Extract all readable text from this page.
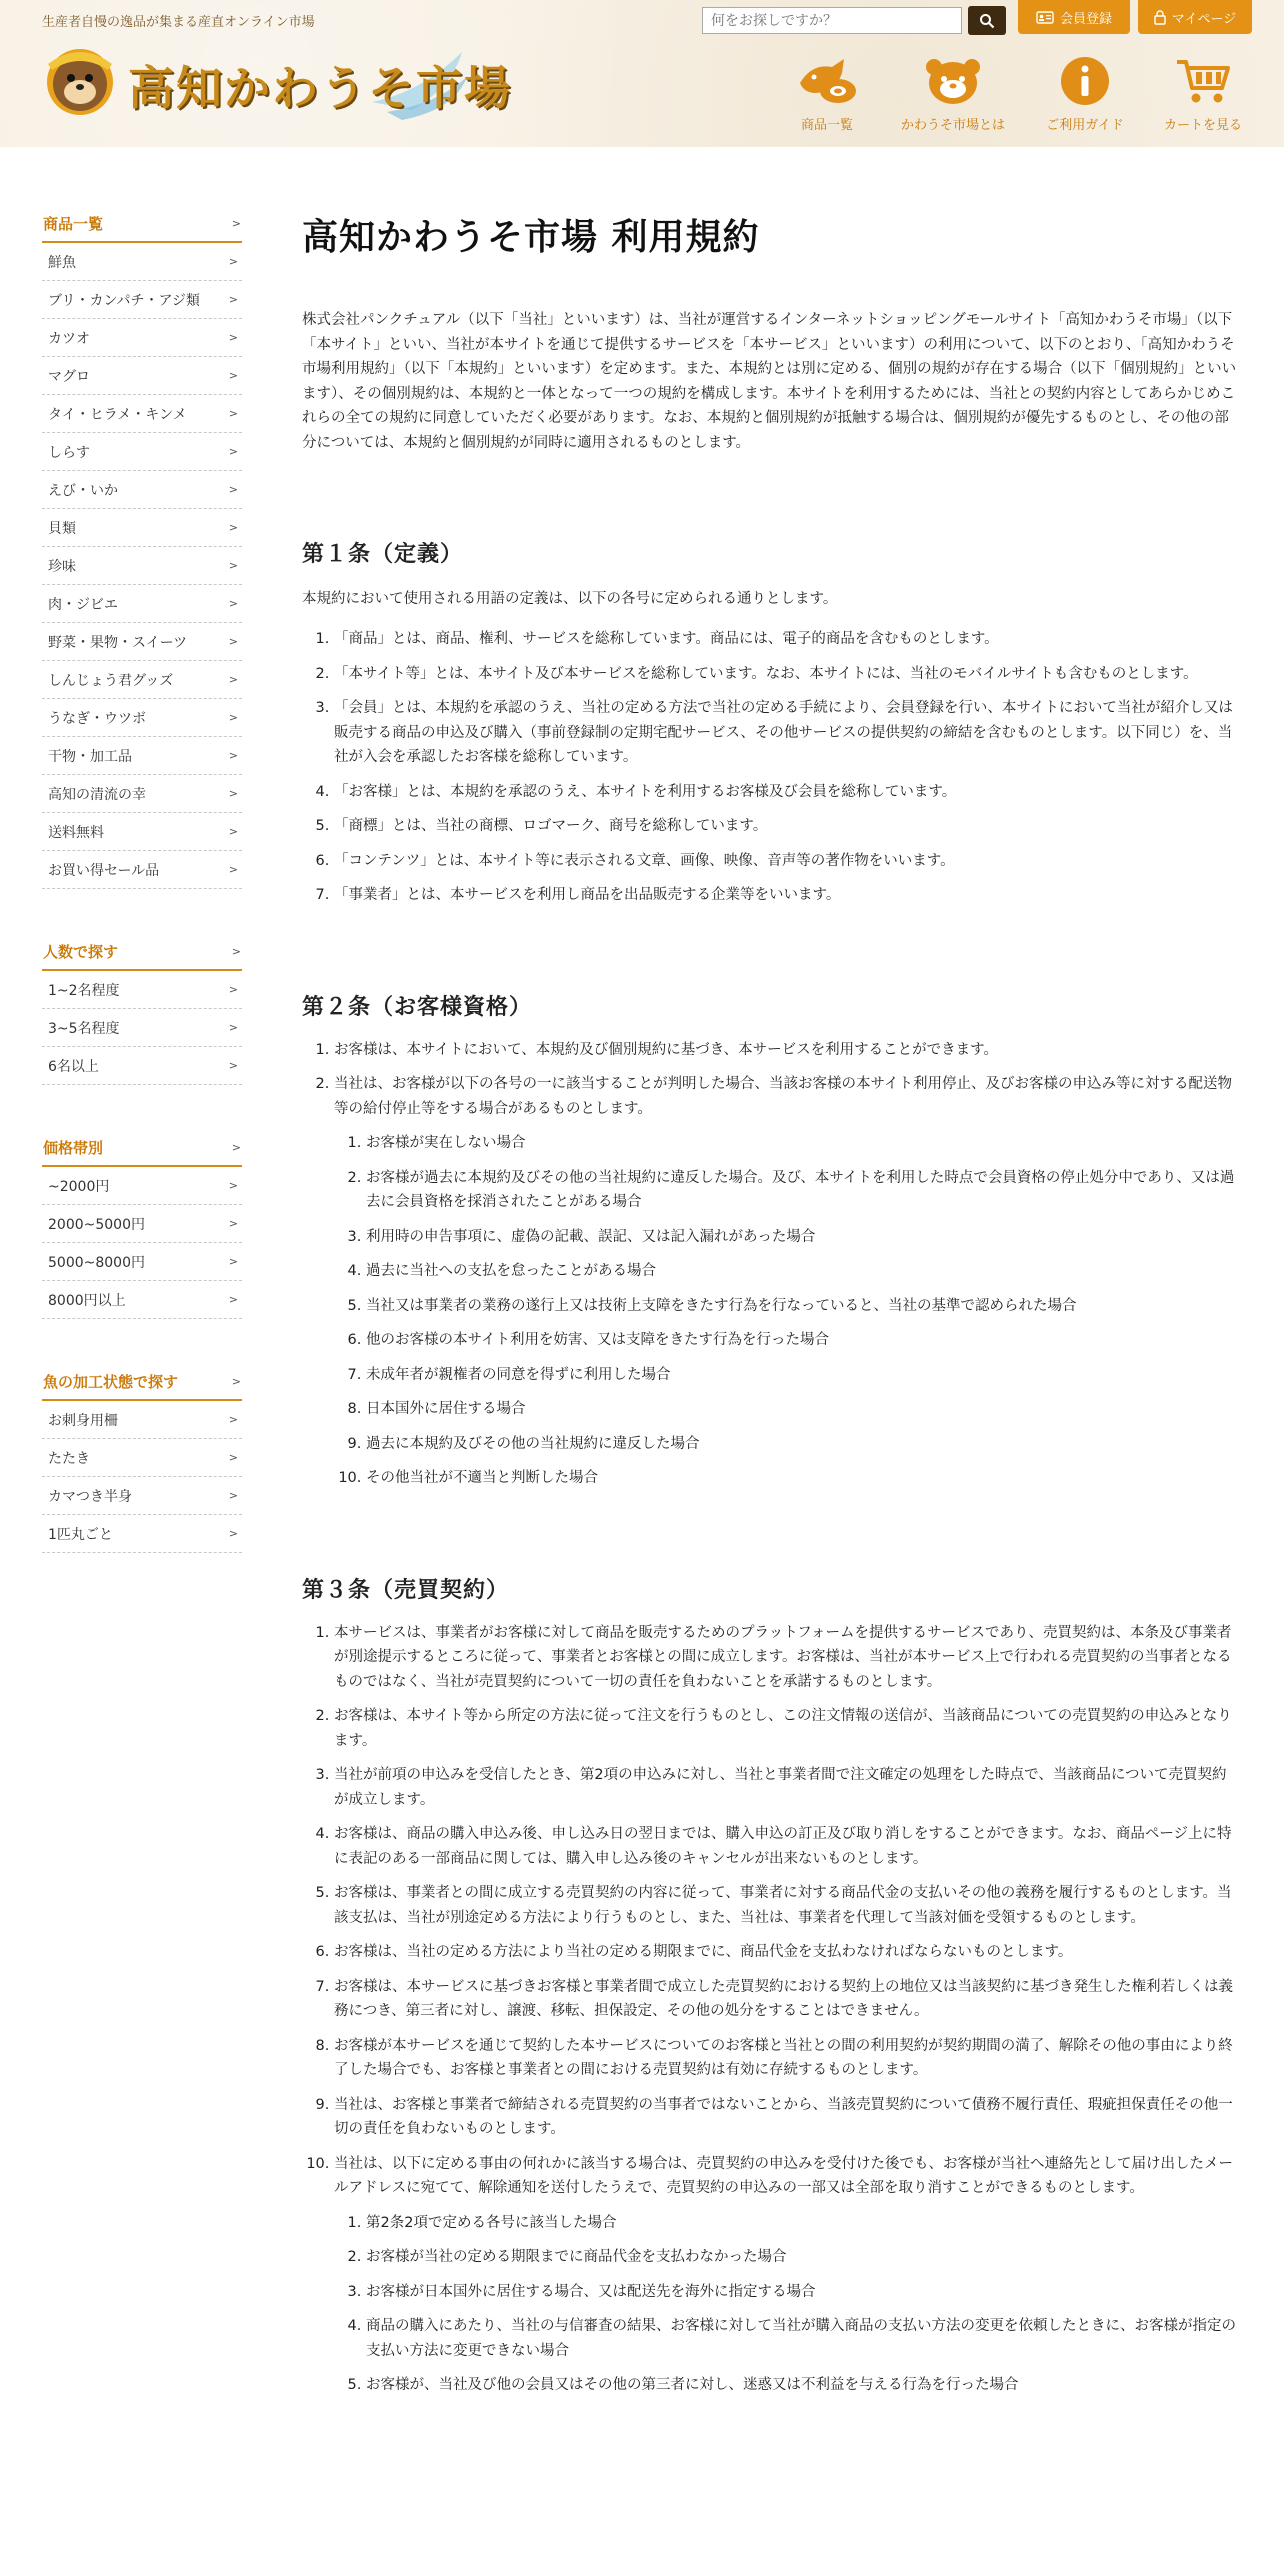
生産者自慢の逸品が集まる産直オンライン市場
高知かわうそ市場
何をお探しですか？
会員登録	マイページ
商品一覧	かわうそ市場とは	ご利用ガイド	カートを見る
商品一覧	>
鮮魚	>
ブリ・カンパチ・アジ類	>
カツオ	>
マグロ	>
タイ・ヒラメ・キンメ	>
しらす	>
えび・いか	>
貝類	>
珍味	>
肉・ジビエ	>
野菜・果物・スイーツ	>
しんじょう君グッズ	>
うなぎ・ウツボ	>
干物・加工品	>
高知の清流の幸	>
送料無料	>
お買い得セール品	>
人数で探す	>
1~2名程度	>
3~5名程度	>
6名以上	>
価格帯別	>
~2000円	>
2000~5000円	>
5000~8000円	>
8000円以上	>
魚の加工状態で探す	>
お刺身用柵	>
たたき	>
カマつき半身	>
1匹丸ごと	>
高知かわうそ市場 利用規約

株式会社パンクチュアル（以下「当社」といいます）は、当社が運営するインターネットショッピングモールサイト「高知かわうそ市場」（以下「本サイト」といい、当社が本サイトを通じて提供するサービスを「本サービス」といいます）の利用について、以下のとおり、「高知かわうそ市場利用規約」（以下「本規約」といいます）を定めます。また、本規約とは別に定める、個別の規約が存在する場合（以下「個別規約」といいます）、その個別規約は、本規約と一体となって一つの規約を構成します。本サイトを利用するためには、当社との契約内容としてあらかじめこれらの全ての規約に同意していただく必要があります。なお、本規約と個別規約が抵触する場合は、個別規約が優先するものとし、その他の部分については、本規約と個別規約が同時に適用されるものとします。

第１条（定義）

本規約において使用される用語の定義は、以下の各号に定められる通りとします。

1. 「商品」とは、商品、権利、サービスを総称しています。商品には、電子的商品を含むものとします。
2. 「本サイト等」とは、本サイト及び本サービスを総称しています。なお、本サイトには、当社のモバイルサイトも含むものとします。
3. 「会員」とは、本規約を承認のうえ、当社の定める方法で当社の定める手続により、会員登録を行い、本サイトにおいて当社が紹介し又は販売する商品の申込及び購入（事前登録制の定期宅配サービス、その他サービスの提供契約の締結を含むものとします。以下同じ）を、当社が入会を承認したお客様を総称しています。
4. 「お客様」とは、本規約を承認のうえ、本サイトを利用するお客様及び会員を総称しています。
5. 「商標」とは、当社の商標、ロゴマーク、商号を総称しています。
6. 「コンテンツ」とは、本サイト等に表示される文章、画像、映像、音声等の著作物をいいます。
7. 「事業者」とは、本サービスを利用し商品を出品販売する企業等をいいます。
第２条（お客様資格）
1. お客様は、本サイトにおいて、本規約及び個別規約に基づき、本サービスを利用することができます。
2. 当社は、お客様が以下の各号の一に該当することが判明した場合、当該お客様の本サイト利用停止、及びお客様の申込み等に対する配送物等の給付停止等をする場合があるものとします。
1. お客様が実在しない場合
2. お客様が過去に本規約及びその他の当社規約に違反した場合。及び、本サイトを利用した時点で会員資格の停止処分中であり、又は過去に会員資格を採消されたことがある場合
3. 利用時の申告事項に、虚偽の記載、誤記、又は記入漏れがあった場合
4. 過去に当社への支払を怠ったことがある場合
5. 当社又は事業者の業務の遂行上又は技術上支障をきたす行為を行なっていると、当社の基準で認められた場合
6. 他のお客様の本サイト利用を妨害、又は支障をきたす行為を行った場合
7. 未成年者が親権者の同意を得ずに利用した場合
8. 日本国外に居住する場合
9. 過去に本規約及びその他の当社規約に違反した場合
10. その他当社が不適当と判断した場合
第３条（売買契約）
1. 本サービスは、事業者がお客様に対して商品を販売するためのプラットフォームを提供するサービスであり、売買契約は、本条及び事業者が別途提示するところに従って、事業者とお客様との間に成立します。お客様は、当社が本サービス上で行われる売買契約の当事者となるものではなく、当社が売買契約について一切の責任を負わないことを承諾するものとします。
2. お客様は、本サイト等から所定の方法に従って注文を行うものとし、この注文情報の送信が、当該商品についての売買契約の申込みとなります。
3. 当社が前項の申込みを受信したとき、第2項の申込みに対し、当社と事業者間で注文確定の処理をした時点で、当該商品について売買契約が成立します。
4. お客様は、商品の購入申込み後、申し込み日の翌日までは、購入申込の訂正及び取り消しをすることができます。なお、商品ページ上に特に表記のある一部商品に関しては、購入申し込み後のキャンセルが出来ないものとします。
5. お客様は、事業者との間に成立する売買契約の内容に従って、事業者に対する商品代金の支払いその他の義務を履行するものとします。当該支払は、当社が別途定める方法により行うものとし、また、当社は、事業者を代理して当該対価を受領するものとします。
6. お客様は、当社の定める方法により当社の定める期限までに、商品代金を支払わなければならないものとします。
7. お客様は、本サービスに基づきお客様と事業者間で成立した売買契約における契約上の地位又は当該契約に基づき発生した権利若しくは義務につき、第三者に対し、譲渡、移転、担保設定、その他の処分をすることはできません。
8. お客様が本サービスを通じて契約した本サービスについてのお客様と当社との間の利用契約が契約期間の満了、解除その他の事由により終了した場合でも、お客様と事業者との間における売買契約は有効に存続するものとします。
9. 当社は、お客様と事業者で締結される売買契約の当事者ではないことから、当該売買契約について債務不履行責任、瑕疵担保責任その他一切の責任を負わないものとします。
10. 当社は、以下に定める事由の何れかに該当する場合は、売買契約の申込みを受付けた後でも、お客様が当社へ連絡先として届け出したメールアドレスに宛てて、解除通知を送付したうえで、売買契約の申込みの一部又は全部を取り消すことができるものとします。
1. 第2条2項で定める各号に該当した場合
2. お客様が当社の定める期限までに商品代金を支払わなかった場合
3. お客様が日本国外に居住する場合、又は配送先を海外に指定する場合
4. 商品の購入にあたり、当社の与信審査の結果、お客様に対して当社が購入商品の支払い方法の変更を依頼したときに、お客様が指定の支払い方法に変更できない場合
5. お客様が、当社及び他の会員又はその他の第三者に対し、迷惑又は不利益を与える行為を行った場合
